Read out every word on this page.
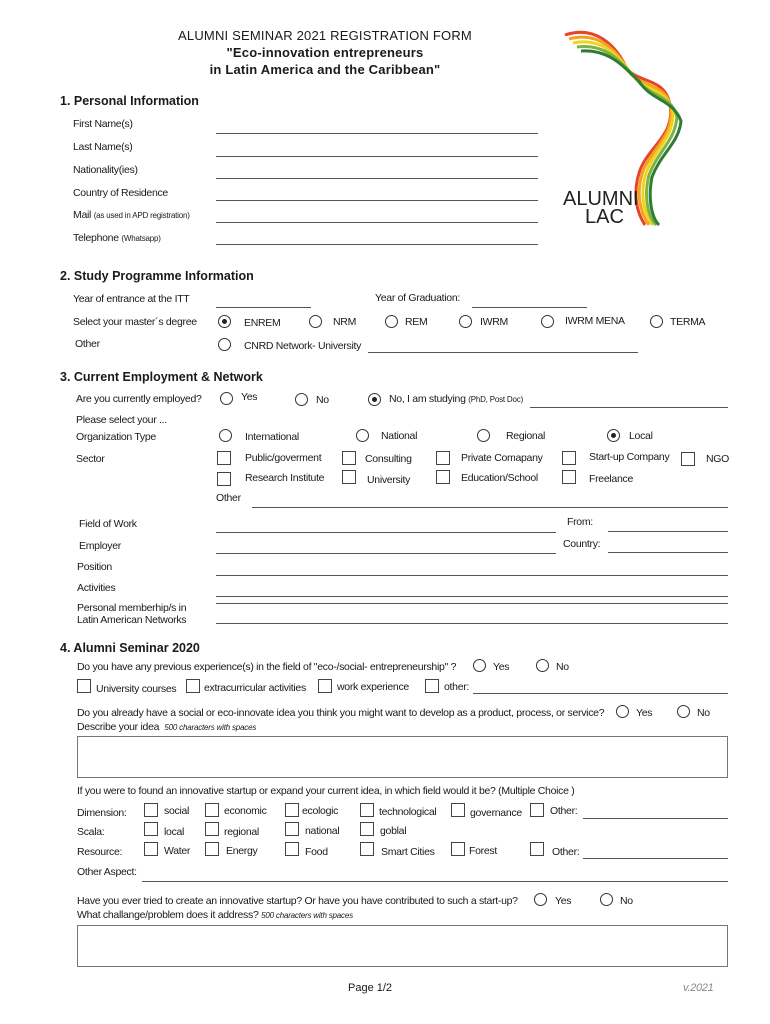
ALUMNI SEMINAR 2021 REGISTRATION FORM
"Eco-innovation entrepreneurs
in Latin America and the Caribbean"
ALUMNI
LAC
1. Personal Information
First Name(s)
Last Name(s)
Nationality(ies)
Country of Residence
Mail (as used in APD registration)
Telephone (Whatsapp)
2. Study Programme Information
Year of entrance at the ITT	Year of Graduation:
Select your master´s degree	ENREM	NRM	REM	IWRM	IWRM MENA	TERMA
Other	CNRD Network- University
3. Current Employment & Network
Are you currently employed?	Yes	No	No, I am studying (PhD, Post Doc)
Please select your ...
Organization Type	International	National	Regional	Local
Sector	Public/goverment	Consulting	Private Comapany	Start-up Company	NGO
Research Institute	University	Education/School	Freelance
Other
Field of Work	From:
Employer	Country:
Position
Activities
Personal memberhip/s in
Latin American Networks
4. Alumni Seminar 2020
Do you have any previous experience(s) in the field of "eco-/social- entrepreneurship" ?	Yes	No
University courses	extracurricular activities	work experience	other:
Do you already have a social or eco-innovate idea you think you might want to develop as a product, process, or service?	Yes	No
Describe your idea 500 characters with spaces
If you were to found an innovative startup or expand your current idea, in which field would it be? (Multiple Choice )
Dimension:	social	economic	ecologic	technological	governance	Other:
Scala:	local	regional	national	goblal
Resource:	Water	Energy	Food	Smart Cities	Forest	Other:
Other Aspect:
Have you ever tried to create an innovative startup? Or have you have contributed to such a start-up?	Yes	No
What challange/problem does it address? 500 characters with spaces
Page 1/2	v.2021
